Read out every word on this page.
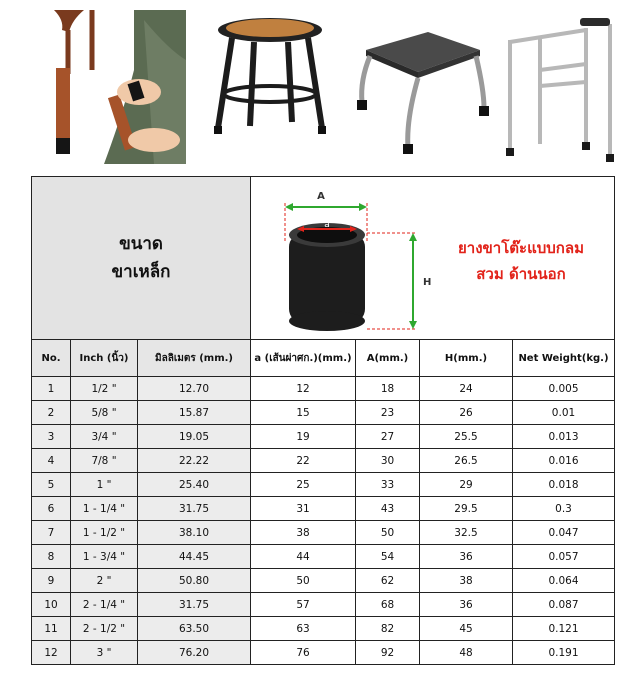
ขนาด
ขาเหล็ก			A
a
H
ยางขาโต๊ะแบบกลม
สวม ด้านนอก			

No.	Inch (นิ้ว)	มิลลิเมตร (mm.)	a (เส้นผ่าศก.)(mm.)	A(mm.)	H(mm.)	Net Weight(kg.)
1	1/2 "	12.70	12	18	24	0.005
2	5/8 "	15.87	15	23	26	0.01
3	3/4 "	19.05	19	27	25.5	0.013
4	7/8 "	22.22	22	30	26.5	0.016
5	1 "	25.40	25	33	29	0.018
6	1 - 1/4 "	31.75	31	43	29.5	0.3
7	1 - 1/2 "	38.10	38	50	32.5	0.047
8	1 - 3/4 "	44.45	44	54	36	0.057
9	2 "	50.80	50	62	38	0.064
10	2 - 1/4 "	31.75	57	68	36	0.087
11	2 - 1/2 "	63.50	63	82	45	0.121
12	3 "	76.20	76	92	48	0.191
